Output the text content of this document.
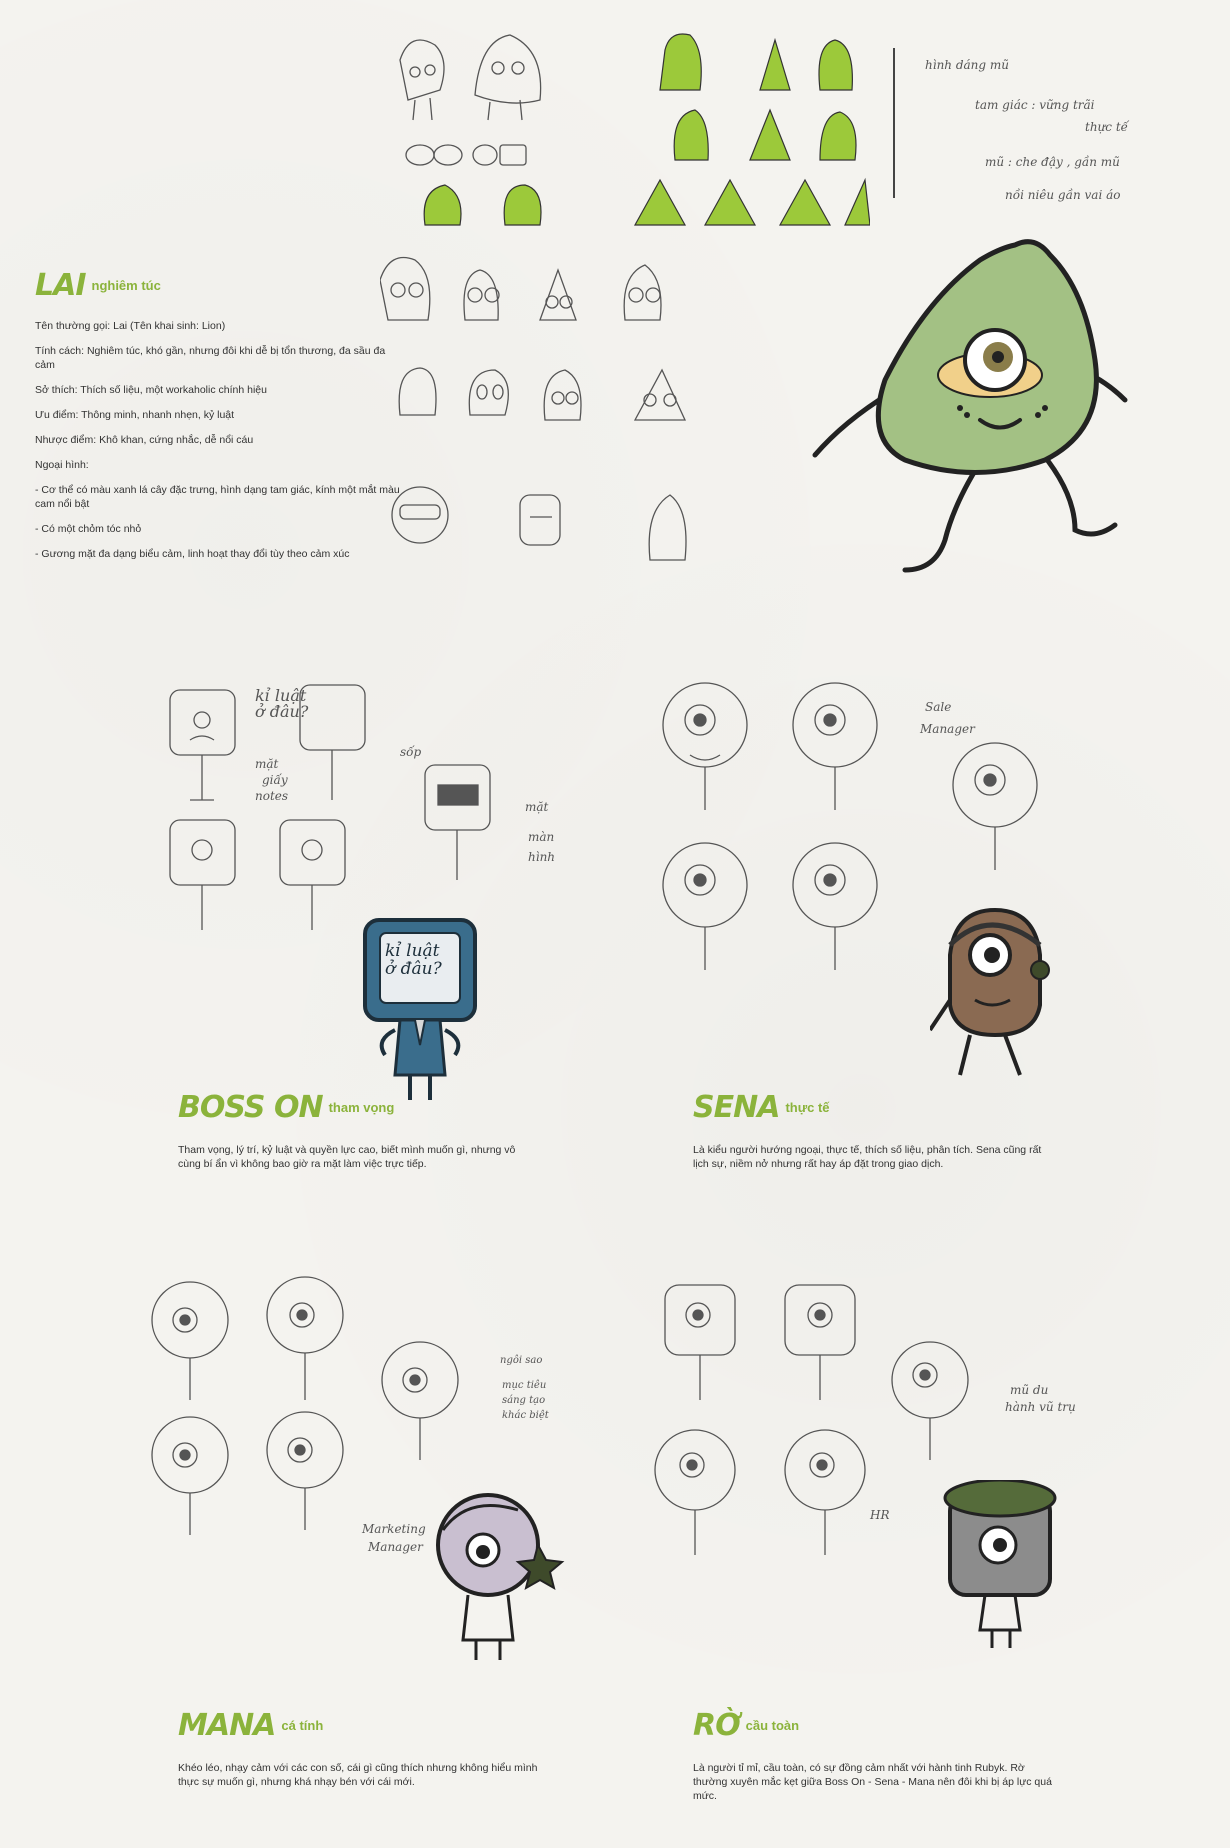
LAI nghiêm túc

Tên thường gọi: Lai (Tên khai sinh: Lion)

Tính cách: Nghiêm túc, khó gần, nhưng đôi khi dễ bị tổn thương, đa sầu đa cảm

Sở thích: Thích số liệu, một workaholic chính hiệu

Ưu điểm: Thông minh, nhanh nhẹn, kỷ luật

Nhược điểm: Khô khan, cứng nhắc, dễ nổi cáu

Ngoại hình:

- Cơ thể có màu xanh lá cây đặc trưng, hình dạng tam giác, kính một mắt màu cam nổi bật

- Có một chỏm tóc nhỏ

- Gương mặt đa dạng biểu cảm, linh hoạt thay đổi tùy theo cảm xúc

hình dáng mũ
tam giác : vững trãi
thực tế
mũ : che đậy , gần mũ
nồi niêu gần vai áo
kỉ luật
ở đâu?
mặt
giấy
notes
sốp
mặt
màn
hình
kỉ luật
ở đâu?
BOSS ON tham vọng
Tham vọng, lý trí, kỷ luật và quyền lực cao, biết mình muốn gì, nhưng vô cùng bí ẩn vì không bao giờ ra mặt làm việc trực tiếp.
Sale
Manager
SENA thực tế
Là kiểu người hướng ngoại, thực tế, thích số liệu, phân tích. Sena cũng rất lịch sự, niềm nở nhưng rất hay áp đặt trong giao dịch.
ngôi sao
mục tiêu
sáng tạo
khác biệt
Marketing
Manager
MANA cá tính
Khéo léo, nhạy cảm với các con số, cái gì cũng thích nhưng không hiểu mình thực sự muốn gì, nhưng khá nhạy bén với cái mới.
mũ du
hành vũ trụ
HR
RỜ cầu toàn
Là người tỉ mỉ, cầu toàn, có sự đồng cảm nhất với hành tinh Rubyk. Rờ thường xuyên mắc kẹt giữa Boss On - Sena - Mana nên đôi khi bị áp lực quá mức.
